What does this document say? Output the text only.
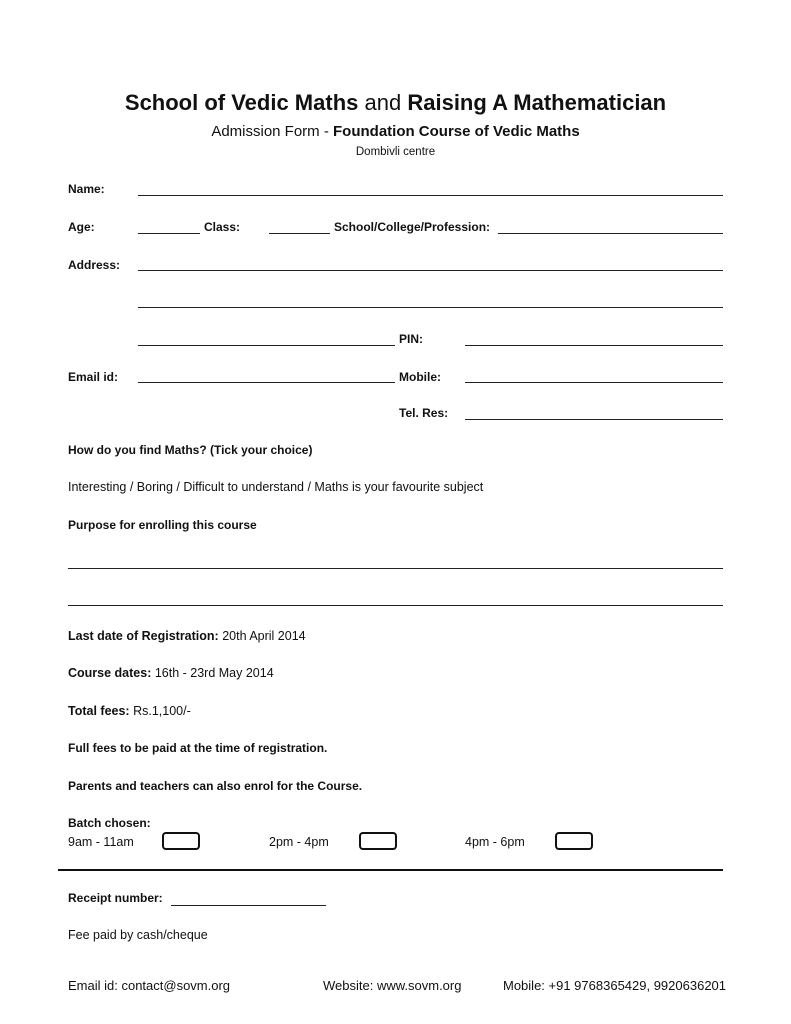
School of Vedic Maths and Raising A Mathematician
Admission Form - Foundation Course of Vedic Maths
Dombivli centre
Name:
Age:	Class:	School/College/Profession:
Address:
PIN:
Email id:	Mobile:
Tel. Res:
How do you find Maths? (Tick your choice)
Interesting / Boring / Difficult to understand / Maths is your favourite subject
Purpose for enrolling this course
Last date of Registration: 20th April 2014
Course dates: 16th - 23rd May 2014
Total fees: Rs.1,100/-
Full fees to be paid at the time of registration.
Parents and teachers can also enrol for the Course.
Batch chosen:
9am - 11am	2pm - 4pm	4pm - 6pm
Receipt number:
Fee paid by cash/cheque
Email id: contact@sovm.org	Website: www.sovm.org	Mobile: +91 9768365429, 9920636201
